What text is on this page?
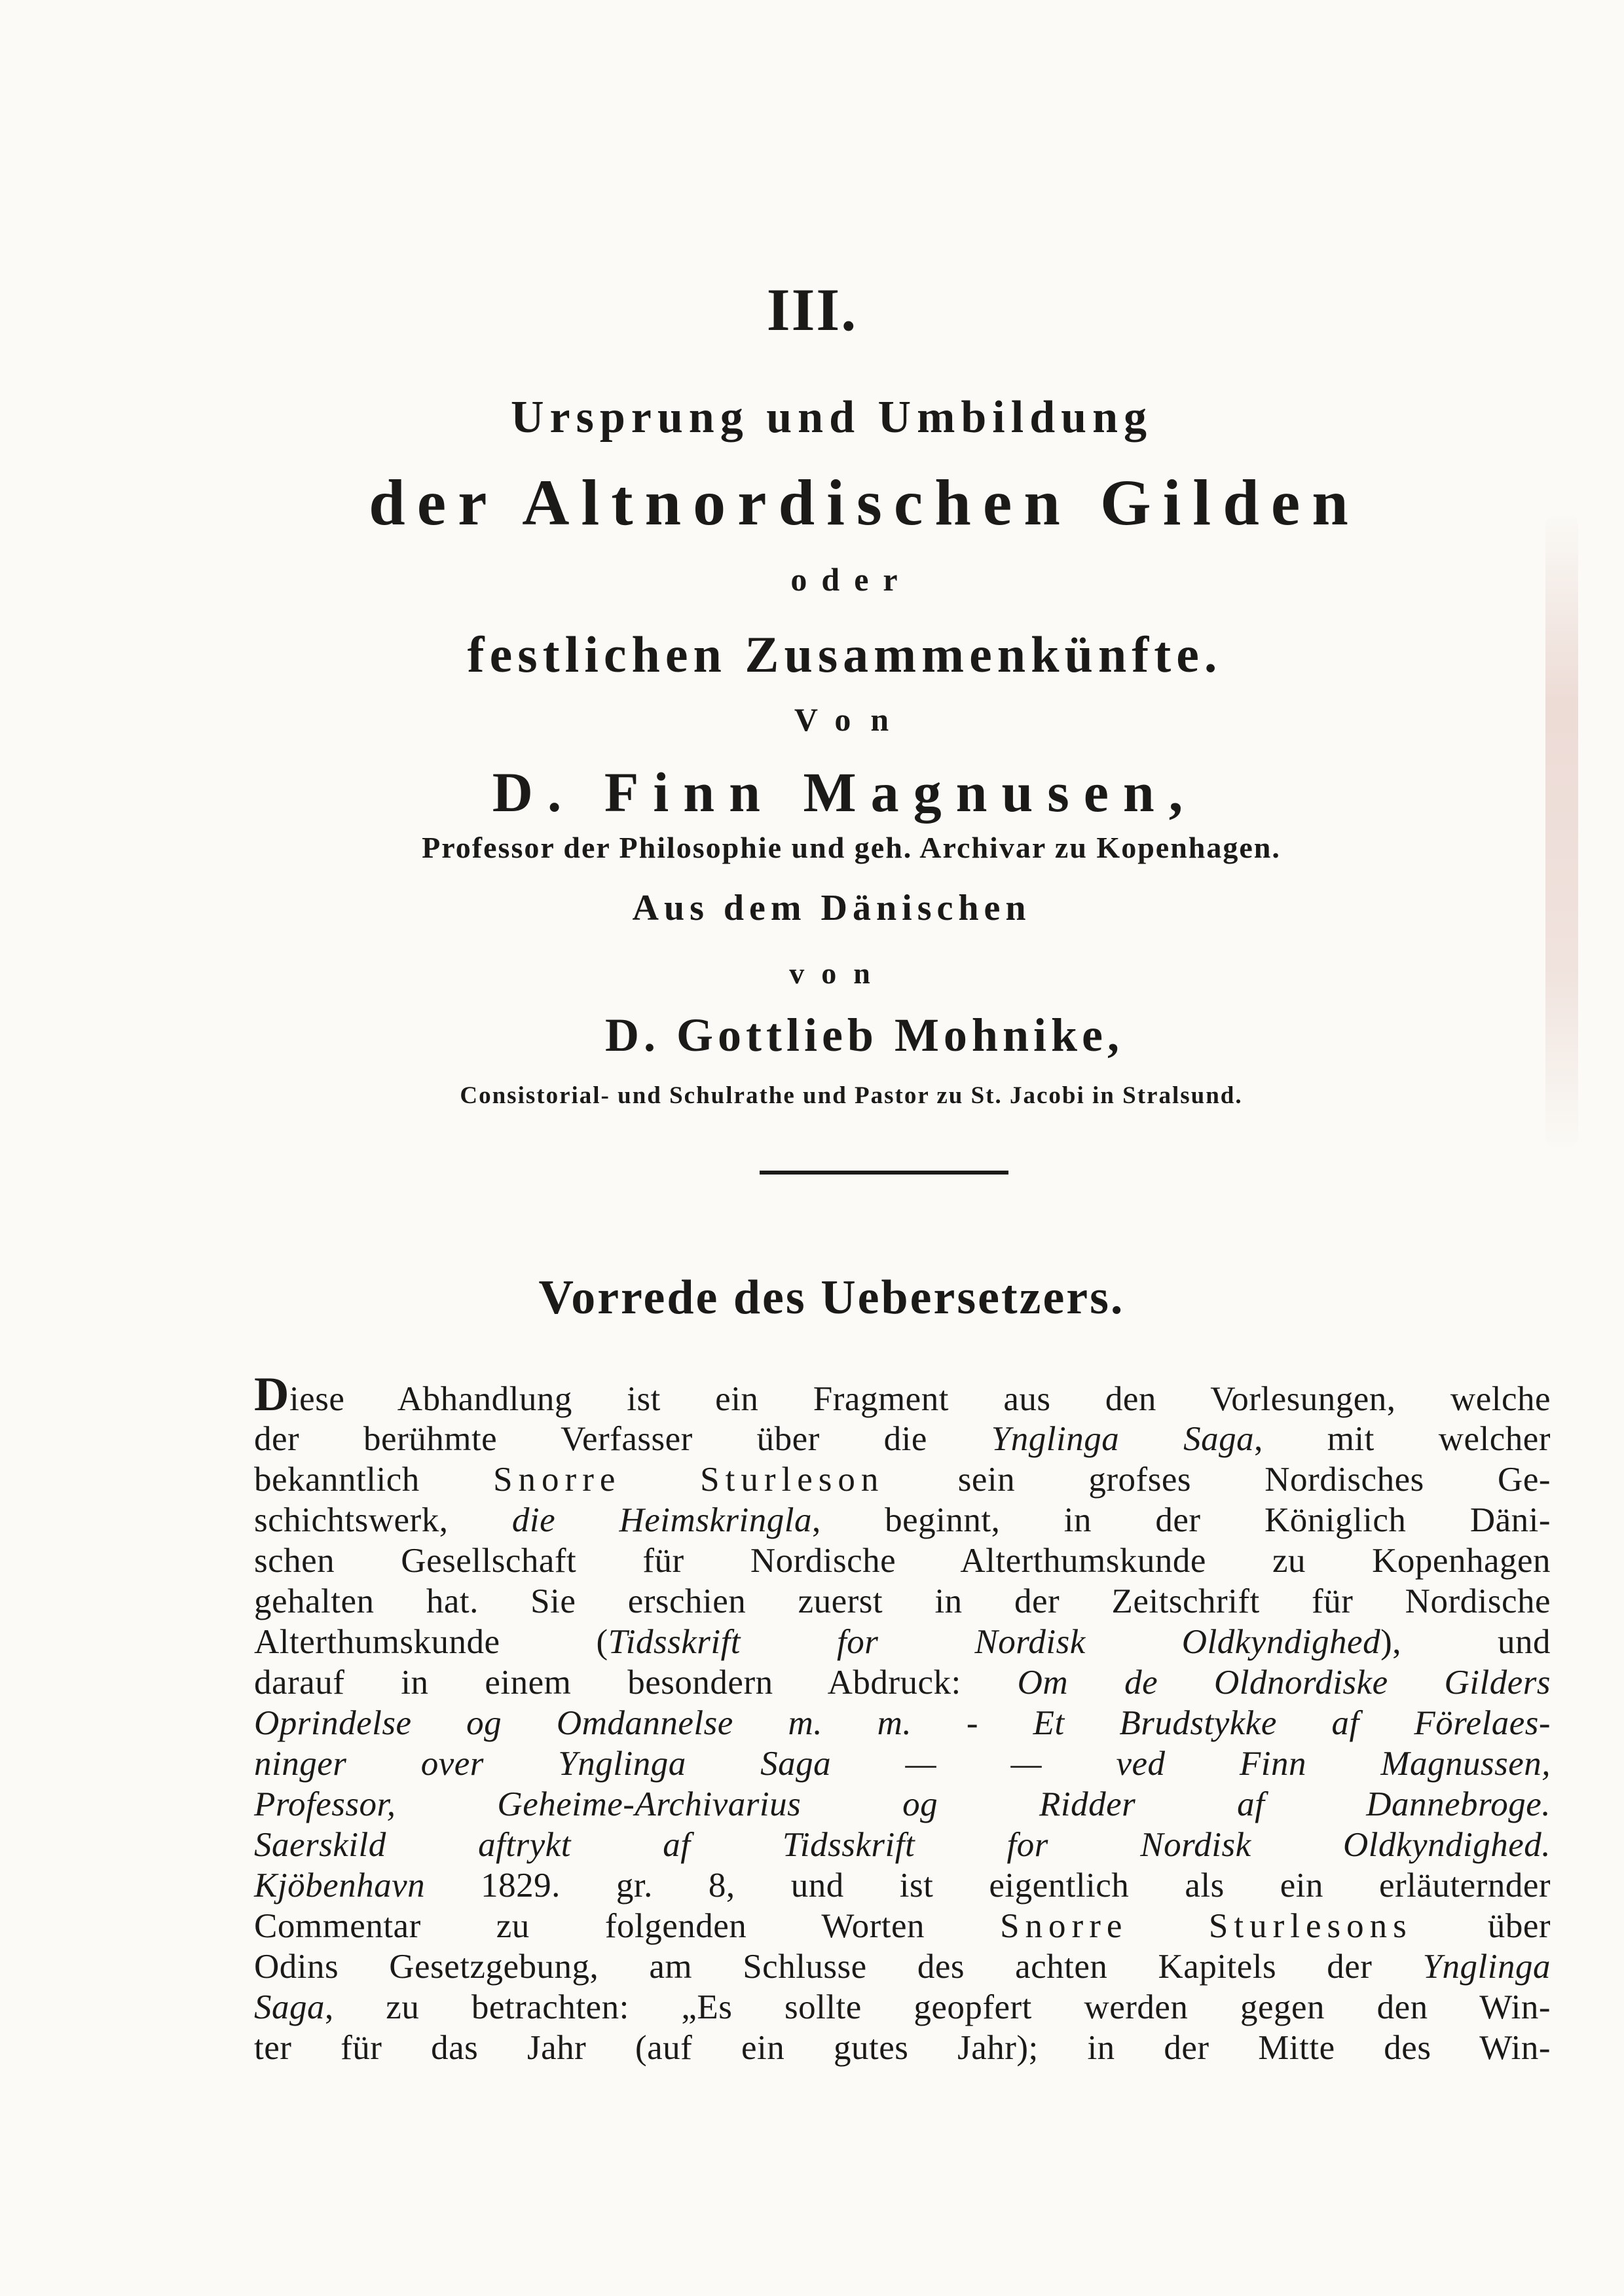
III.

Ursprung und Umbildung

der Altnordischen Gilden

oder

festlichen Zusammenkünfte.

Von

D. Finn Magnusen,

Professor der Philosophie und geh. Archivar zu Kopenhagen.

Aus dem Dänischen

von

D. Gottlieb Mohnike,

Consistorial- und Schulrathe und Pastor zu St. Jacobi in Stralsund.

Vorrede des Uebersetzers.

Diese Abhandlung ist ein Fragment aus den Vorlesungen, welche
der berühmte Verfasser über die Ynglinga Saga, mit welcher
bekanntlich Snorre Sturleson sein grofses Nordisches Ge-
schichtswerk, die Heimskringla, beginnt, in der Königlich Däni-
schen Gesellschaft für Nordische Alterthumskunde zu Kopenhagen
gehalten hat. Sie erschien zuerst in der Zeitschrift für Nordische
Alterthumskunde (Tidsskrift for Nordisk Oldkyndighed), und
darauf in einem besondern Abdruck: Om de Oldnordiske Gilders
Oprindelse og Omdannelse m. m. - Et Brudstykke af Förelaes-
ninger over Ynglinga Saga — — ved Finn Magnussen,
Professor, Geheime-Archivarius og Ridder af Dannebroge.
Saerskild aftrykt af Tidsskrift for Nordisk Oldkyndighed.
Kjöbenhavn 1829. gr. 8, und ist eigentlich als ein erläuternder
Commentar zu folgenden Worten Snorre Sturlesons über
Odins Gesetzgebung, am Schlusse des achten Kapitels der Ynglinga
Saga, zu betrachten: „Es sollte geopfert werden gegen den Win-
ter für das Jahr (auf ein gutes Jahr); in der Mitte des Win-
